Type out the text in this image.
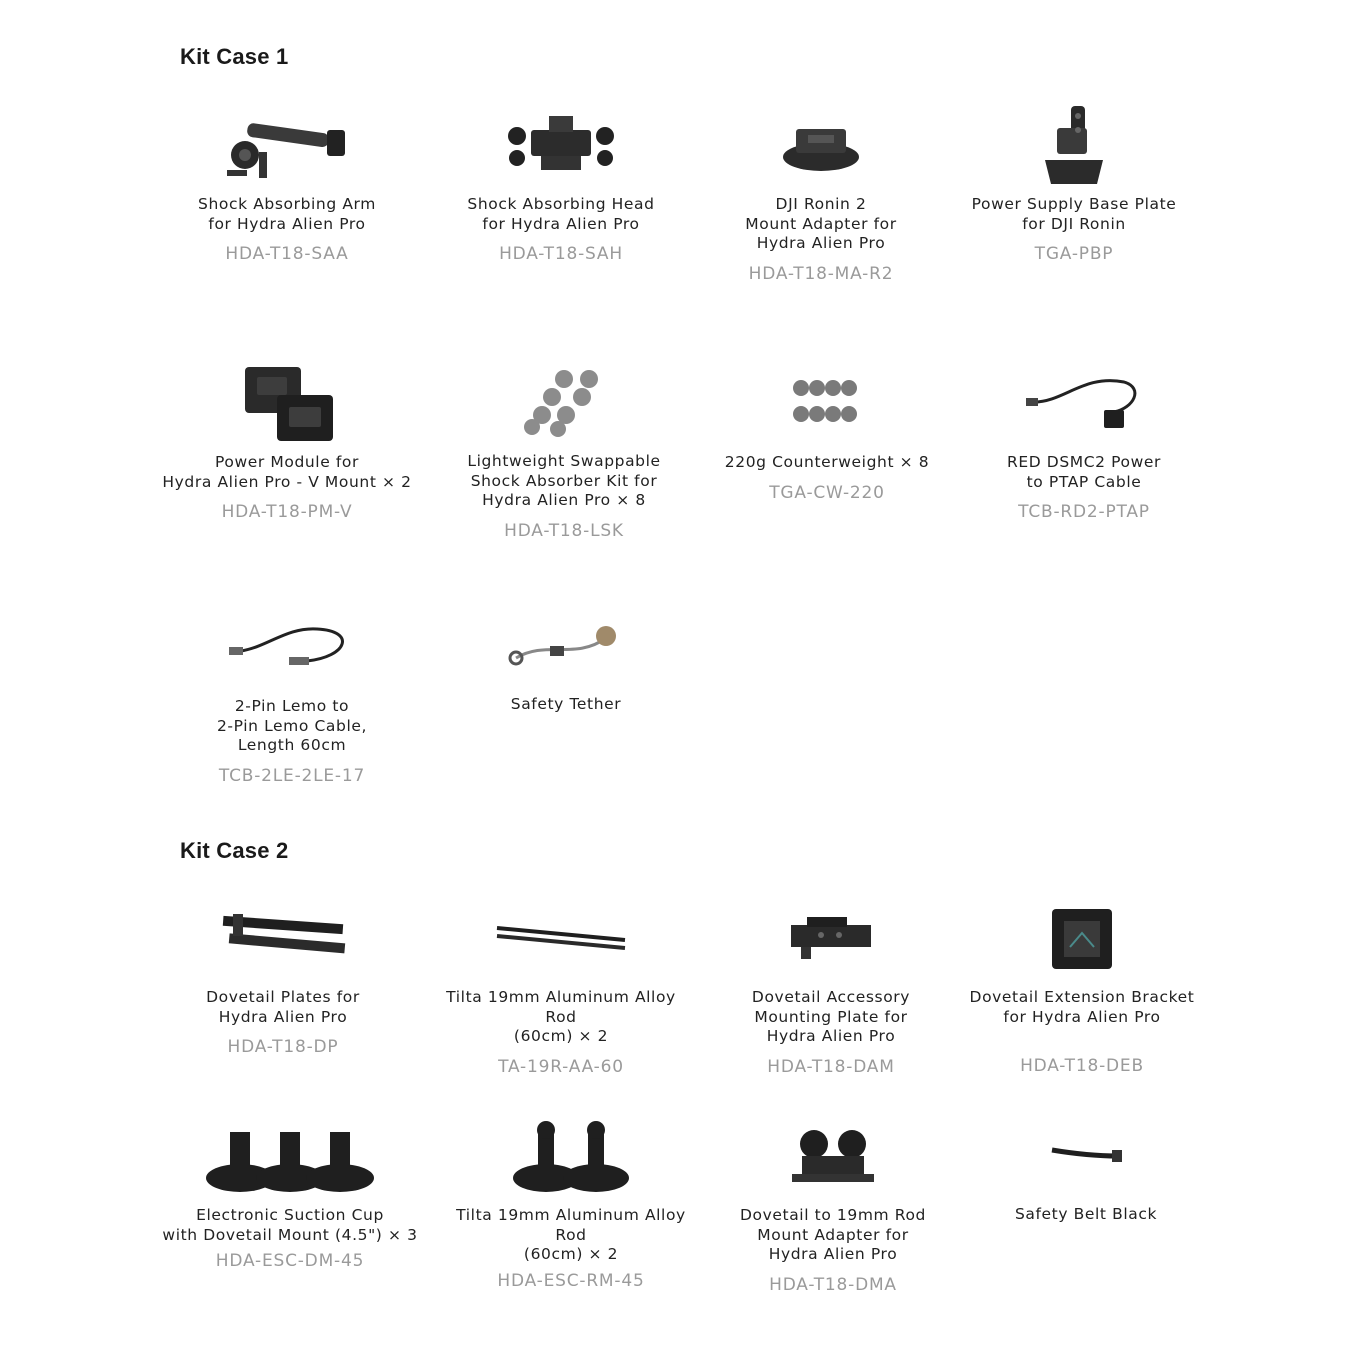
Kit Case 1
Kit Case 2
Shock Absorbing Arm
for Hydra Alien Pro
HDA-T18-SAA
Shock Absorbing Head
for Hydra Alien Pro
HDA-T18-SAH
DJI Ronin 2
Mount Adapter for
Hydra Alien Pro
HDA-T18-MA-R2
Power Supply Base Plate
for DJI Ronin
TGA-PBP
Power Module for
Hydra Alien Pro - V Mount × 2
HDA-T18-PM-V
Lightweight Swappable
Shock Absorber Kit for
Hydra Alien Pro × 8
HDA-T18-LSK
220g Counterweight × 8
TGA-CW-220
RED DSMC2 Power
to PTAP Cable
TCB-RD2-PTAP
2-Pin Lemo to
2-Pin Lemo Cable,
Length 60cm
TCB-2LE-2LE-17
Safety Tether
Dovetail Plates for
Hydra Alien Pro
HDA-T18-DP
Tilta 19mm Aluminum Alloy Rod
(60cm) × 2
TA-19R-AA-60
Dovetail Accessory
Mounting Plate for
Hydra Alien Pro
HDA-T18-DAM
Dovetail Extension Bracket
for Hydra Alien Pro
HDA-T18-DEB
Electronic Suction Cup
with Dovetail Mount (4.5") × 3
HDA-ESC-DM-45
Tilta 19mm Aluminum Alloy Rod
(60cm) × 2
HDA-ESC-RM-45
Dovetail to 19mm Rod
Mount Adapter for
Hydra Alien Pro
HDA-T18-DMA
Safety Belt Black
